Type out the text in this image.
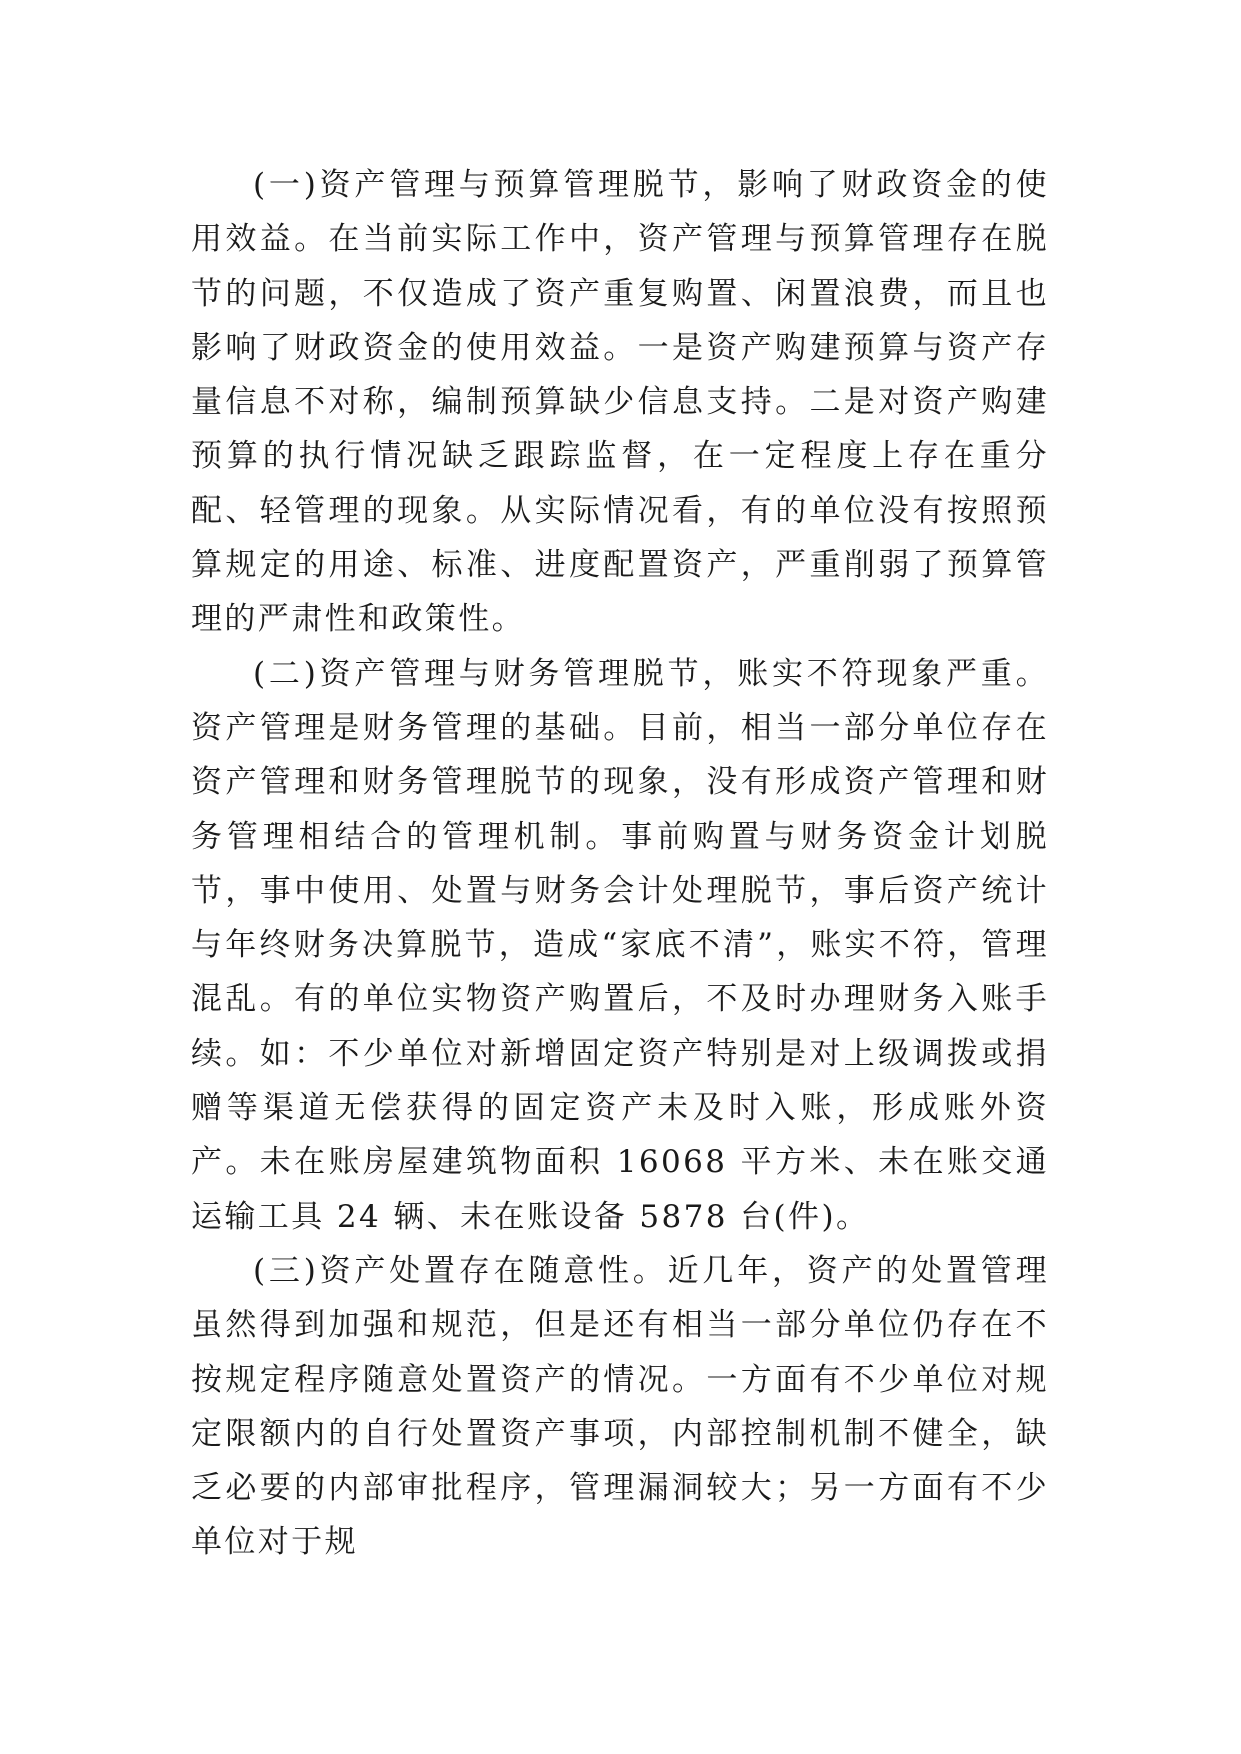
(一)资产管理与预算管理脱节，影响了财政资金的使用效益。在当前实际工作中，资产管理与预算管理存在脱节的问题，不仅造成了资产重复购置、闲置浪费，而且也影响了财政资金的使用效益。一是资产购建预算与资产存量信息不对称，编制预算缺少信息支持。二是对资产购建预算的执行情况缺乏跟踪监督，在一定程度上存在重分配、轻管理的现象。从实际情况看，有的单位没有按照预算规定的用途、标准、进度配置资产，严重削弱了预算管理的严肃性和政策性。

(二)资产管理与财务管理脱节，账实不符现象严重。资产管理是财务管理的基础。目前，相当一部分单位存在资产管理和财务管理脱节的现象，没有形成资产管理和财务管理相结合的管理机制。事前购置与财务资金计划脱节，事中使用、处置与财务会计处理脱节，事后资产统计与年终财务决算脱节，造成“家底不清”，账实不符，管理混乱。有的单位实物资产购置后，不及时办理财务入账手续。如：不少单位对新增固定资产特别是对上级调拨或捐赠等渠道无偿获得的固定资产未及时入账，形成账外资产。未在账房屋建筑物面积 16068 平方米、未在账交通运输工具 24 辆、未在账设备 5878 台(件)。

(三)资产处置存在随意性。近几年，资产的处置管理虽然得到加强和规范，但是还有相当一部分单位仍存在不按规定程序随意处置资产的情况。一方面有不少单位对规定限额内的自行处置资产事项，内部控制机制不健全，缺乏必要的内部审批程序，管理漏洞较大；另一方面有不少单位对于规
